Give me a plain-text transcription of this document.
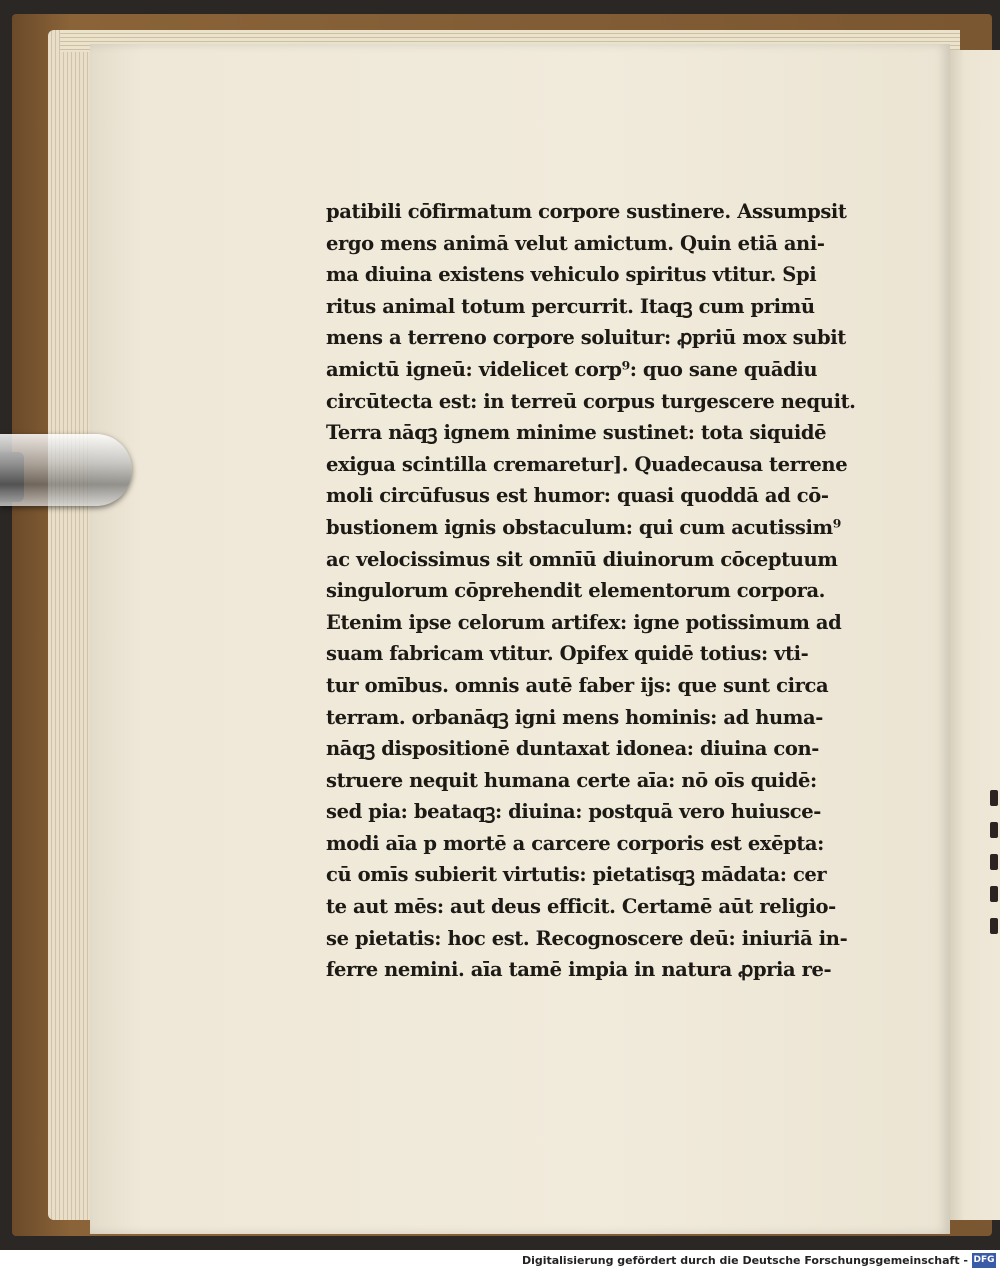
patibili cōfirmatum corpore sustinere. Assumpsit
ergo mens animā velut amictum. Quin etiā ani-
ma diuina existens vehiculo spiritus vtitur. Spi
ritus animal totum percurrit. Itaqꝫ cum primū
mens a terreno corpore soluitur: ꝓpriū mox subit
amictū igneū: videlicet corp⁹: quo sane quādiu
circūtecta est: in terreū corpus turgescere nequit.
Terra nāqꝫ ignem minime sustinet: tota siquidē
exigua scintilla cremaretur]. Quadecausa terrene
moli circūfusus est humor: quasi quoddā ad cō-
bustionem ignis obstaculum: qui cum acutissim⁹
ac velocissimus sit omnīū diuinorum cōceptuum
singulorum cōprehendit elementorum corpora.
Etenim ipse celorum artifex: igne potissimum ad
suam fabricam vtitur. Opifex quidē totius: vti-
tur omībus. omnis autē faber ijs: que sunt circa
terram. orbanāqꝫ igni mens hominis: ad huma-
nāqꝫ dispositionē duntaxat idonea: diuina con-
struere nequit humana certe aīa: nō oīs quidē:
sed pia: beataqꝫ: diuina: postquā vero huiusce-
modi aīa p mortē a carcere corporis est exēpta:
cū omīs subierit virtutis: pietatisqꝫ mādata: cer
te aut mēs: aut deus efficit. Certamē aūt religio-
se pietatis: hoc est. Recognoscere deū: iniuriā in-
ferre nemini. aīa tamē impia in natura ꝓpria re-
Digitalisierung gefördert durch die Deutsche Forschungsgemeinschaft - DFG
